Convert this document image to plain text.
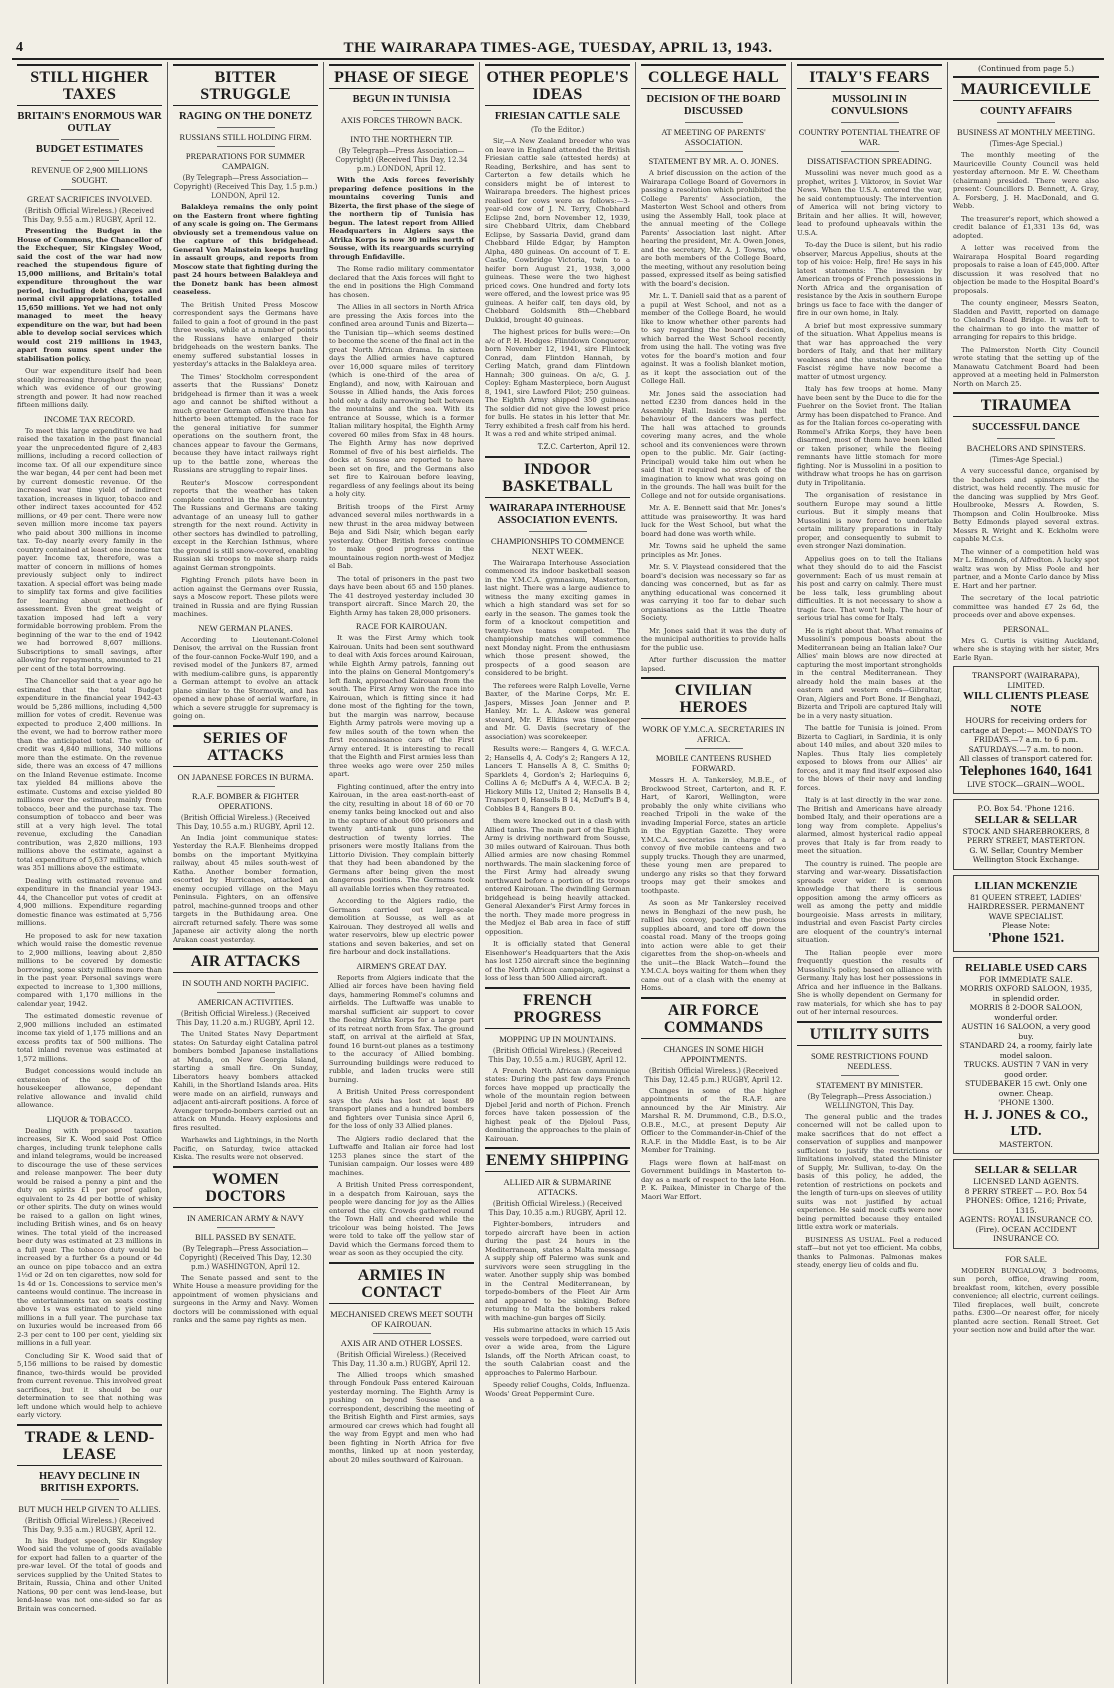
4	THE WAIRARAPA TIMES-AGE, TUESDAY, APRIL 13, 1943.
STILL HIGHER TAXES
BRITAIN'S ENORMOUS WAR OUTLAY
BUDGET ESTIMATES
REVENUE OF 2,900 MILLIONS SOUGHT.
GREAT SACRIFICES INVOLVED.
(British Official Wireless.) (Received This Day, 9.55 a.m.) RUGBY, April 12.
Presenting the Budget in the House of Commons, the Chancellor of the Exchequer, Sir Kingsley Wood, said the cost of the war had now reached the stupendous figure of 15,000 millions, and Britain's total expenditure throughout the war period, including debt charges and normal civil appropriations, totalled 15,650 millions. Yet we had not only managed to meet the heavy expenditure on the war, but had been able to develop social services which would cost 219 millions in 1943, apart from sums spent under the stabilisation policy.
Our war expenditure itself had been steadily increasing throughout the year, which was evidence of our growing strength and power. It had now reached fifteen millions daily.
INCOME TAX RECORD.
To meet this large expenditure we had raised the taxation in the past financial year the unprecedented figure of 2,483 millions, including a record collection of income tax. Of all our expenditure since the war began, 44 per cent had been met by current domestic revenue. Of the increased war time yield of indirect taxation, increases in liquor, tobacco and other indirect taxes accounted for 452 millions, or 49 per cent. There were now seven million more income tax payers who paid about 300 millions in income tax. To-day nearly every family in the country contained at least one income tax payer. Income tax, therefore, was a matter of concern in millions of homes previously subject only to indirect taxation. A special effort was being made to simplify tax forms and give facilities for learning about methods of assessment. Even the great weight of taxation imposed had left a very formidable borrowing problem. From the beginning of the war to the end of 1942 we had borrowed 8,607 millions. Subscriptions to small savings, after allowing for repayments, amounted to 21 per cent of the total borrowing.
The Chancellor said that a year ago he estimated that the total Budget expenditure in the financial year 1942-43 would be 5,286 millions, including 4,500 million for votes of credit. Revenue was expected to produce 2,400 millions. In the event, we had to borrow rather more than the anticipated total. The vote of credit was 4,840 millions, 340 millions more than the estimate. On the revenue side, there was an excess of 47 millions on the Inland Revenue estimate. Income tax yielded 84 millions above the estimate. Customs and excise yielded 80 millions over the estimate, mainly from tobacco, beer and the purchase tax. The consumption of tobacco and beer was still at a very high level. The total revenue, excluding the Canadian contribution, was 2,820 millions, 193 millions above the estimate, against a total expenditure of 5,637 millions, which was 351 millions above the estimate.
Dealing with estimated revenue and expenditure in the financial year 1943-44, the Chancellor put votes of credit at 4,900 millions. Expenditure regarding domestic finance was estimated at 5,756 millions.
He proposed to ask for new taxation which would raise the domestic revenue to 2,900 millions, leaving about 2,850 millions to be covered by domestic borrowing, some sixty millions more than in the past year. Personal savings were expected to increase to 1,300 millions, compared with 1,170 millions in the calendar year, 1942.
The estimated domestic revenue of 2,900 millions included an estimated income tax yield of 1,175 millions and an excess profits tax of 500 millions. The total inland revenue was estimated at 1,572 millions.
Budget concessions would include an extension of the scope of the housekeeper allowance, dependant relative allowance and invalid child allowance.
LIQUOR & TOBACCO.
Dealing with proposed taxation increases, Sir K. Wood said Post Office charges, including trunk telephone calls and inland telegrams, would be increased to discourage the use of these services and release manpower. The beer duty would be raised a penny a pint and the duty on spirits £1 per proof gallon, equivalent to 2s 4d per bottle of whisky or other spirits. The duty on wines would be raised to a gallon on light wines, including British wines, and 6s on heavy wines. The total yield of the increased beer duty was estimated at 23 millions in a full year. The tobacco duty would be increased by a further 6s a pound or 4d an ounce on pipe tobacco and an extra 1½d or 2d on ten cigarettes, now sold for 1s 4d or 1s. Concessions to service men's canteens would continue. The increase in the entertainments tax on seats costing above 1s was estimated to yield nine millions in a full year. The purchase tax on luxuries would be increased from 66 2-3 per cent to 100 per cent, yielding six millions in a full year.
Concluding Sir K. Wood said that of 5,156 millions to be raised by domestic finance, two-thirds would be provided from current revenue. This involved great sacrifices, but it should be our determination to see that nothing was left undone which would help to achieve early victory.
TRADE & LEND-LEASE
HEAVY DECLINE IN BRITISH EXPORTS.
BUT MUCH HELP GIVEN TO ALLIES.
(British Official Wireless.) (Received This Day, 9.35 a.m.) RUGBY, April 12.
In his Budget speech, Sir Kingsley Wood said the volume of goods available for export had fallen to a quarter of the pre-war level. Of the total of goods and services supplied by the United States to Britain, Russia, China and other United Nations, 90 per cent was lend-lease, but lend-lease was not one-sided so far as Britain was concerned.
BITTER STRUGGLE
RAGING ON THE DONETZ
RUSSIANS STILL HOLDING FIRM.
PREPARATIONS FOR SUMMER CAMPAIGN.
(By Telegraph—Press Association—Copyright) (Received This Day, 1.5 p.m.) LONDON, April 12.
Balakleya remains the only point on the Eastern front where fighting of any scale is going on. The Germans obviously set a tremendous value on the capture of this bridgehead. General Von Mainstein keeps hurling in assault groups, and reports from Moscow state that fighting during the past 24 hours between Balakleya and the Donetz bank has been almost ceaseless.
The British United Press Moscow correspondent says the Germans have failed to gain a foot of ground in the past three weeks, while at a number of points the Russians have enlarged their bridgeheads on the western banks. The enemy suffered substantial losses in yesterday's attacks in the Balakleya area.
The Times' Stockholm correspondent asserts that the Russians' Donetz bridgehead is firmer than it was a week ago and cannot be shifted without a much greater German offensive than has hitherto been attempted. In the race for the general initiative for summer operations on the southern front, the chances appear to favour the Germans, because they have intact railways right up to the battle zone, whereas the Russians are struggling to repair lines.
Reuter's Moscow correspondent reports that the weather has taken complete control in the Kuban country. The Russians and Germans are taking advantage of an uneasy lull to gather strength for the next round. Activity in other sectors has dwindled to patrolling, except in the Kerchian Isthmus, where the ground is still snow-covered, enabling Russian ski troops to make sharp raids against German strongpoints.
Fighting French pilots have been in action against the Germans over Russia, says a Moscow report. These pilots were trained in Russia and are flying Russian machines.
NEW GERMAN PLANES.
According to Lieutenant-Colonel Denisov, the arrival on the Russian front of the four-cannon Focke-Wulf 190, and a revised model of the Junkers 87, armed with medium-calibre guns, is apparently a German attempt to evolve an attack plane similar to the Stormovik, and has opened a new phase of aerial warfare, in which a severe struggle for supremacy is going on.
SERIES OF ATTACKS
ON JAPANESE FORCES IN BURMA.
R.A.F. BOMBER & FIGHTER OPERATIONS.
(British Official Wireless.) (Received This Day, 10.55 a.m.) RUGBY, April 12.
An India joint communique states: Yesterday the R.A.F. Blenheims dropped bombs on the important Myitkyina railway, about 45 miles south-west of Katha. Another bomber formation, escorted by Hurricanes, attacked an enemy occupied village on the Mayu Peninsula. Fighters, on an offensive patrol, machine-gunned troops and other targets in the Buthidaung area. One aircraft returned safely. There was some Japanese air activity along the north Arakan coast yesterday.
AIR ATTACKS
IN SOUTH AND NORTH PACIFIC.
AMERICAN ACTIVITIES.
(British Official Wireless.) (Received This Day, 11.20 a.m.) RUGBY, April 12.
The United States Navy Department states: On Saturday eight Catalina patrol bombers bombed Japanese installations at Munda, on New Georgia Island, starting a small fire. On Sunday, Liberators heavy bombers attacked Kahili, in the Shortland Islands area. Hits were made on an airfield, runways and adjacent anti-aircraft positions. A force of Avenger torpedo-bombers carried out an attack on Munda. Heavy explosions and fires resulted.
Warhawks and Lightnings, in the North Pacific, on Saturday, twice attacked Kiska. The results were not observed.
WOMEN DOCTORS
IN AMERICAN ARMY & NAVY
BILL PASSED BY SENATE.
(By Telegraph—Press Association—Copyright) (Received This Day, 12.30 p.m.) WASHINGTON, April 12.
The Senate passed and sent to the White House a measure providing for the appointment of women physicians and surgeons in the Army and Navy. Women doctors will be commissioned with equal ranks and the same pay rights as men.
PHASE OF SIEGE
BEGUN IN TUNISIA
AXIS FORCES THROWN BACK.
INTO THE NORTHERN TIP.
(By Telegraph—Press Association—Copyright) (Received This Day, 12.34 p.m.) LONDON, April 12.
With the Axis forces feverishly preparing defence positions in the mountains covering Tunis and Bizerta, the first phase of the siege of the northern tip of Tunisia has begun. The latest report from Allied Headquarters in Algiers says the Afrika Korps is now 30 miles north of Sousse, with its rearguards scurrying through Enfidaville.
The Rome radio military commentator declared that the Axis forces will fight to the end in positions the High Command has chosen.
The Allies in all sectors in North Africa are pressing the Axis forces into the confined area around Tunis and Bizerta—the Tunisian tip—which seems destined to become the scene of the final act in the great North African drama. In sixteen days the Allied armies have captured over 16,000 square miles of territory (which is one-third of the area of England), and now, with Kairouan and Sousse in Allied hands, the Axis forces hold only a daily narrowing belt between the mountains and the sea. With its entrance at Sousse, which is a former Italian military hospital, the Eighth Army covered 60 miles from Sfax in 48 hours. The Eighth Army has now deprived Rommel of five of his best airfields. The docks at Sousse are reported to have been set on fire, and the Germans also set fire to Kairouan before leaving, regardless of any feelings about its being a holy city.
British troops of the First Army advanced several miles northwards in a new thrust in the area midway between Beja and Sidi Nsir, which began early yesterday. Other British forces continue to make good progress in the mountainous region north-west of Medjez el Bab.
The total of prisoners in the past two days have been about 65 and 150 planes. The 41 destroyed yesterday included 30 transport aircraft. Since March 20, the Eighth Army has taken 28,000 prisoners.
RACE FOR KAIROUAN.
It was the First Army which took Kairouan. Units had been sent southward to deal with Axis forces around Kairouan, while Eighth Army patrols, fanning out into the plains on General Montgomery's left flank, approached Kairouan from the south. The First Army won the race into Kairouan, which is fitting since it had done most of the fighting for the town, but the margin was narrow, because Eighth Army patrols were moving up a few miles south of the town when the first reconnaissance cars of the First Army entered. It is interesting to recall that the Eighth and First armies less than three weeks ago were over 250 miles apart.
Fighting continued, after the entry into Kairouan, in the area east-north-east of the city, resulting in about 18 of 60 or 70 enemy tanks being knocked out and also in the capture of about 600 prisoners and twenty anti-tank guns and the destruction of twenty lorries. The prisoners were mostly Italians from the Littorio Division. They complain bitterly that they had been abandoned by the Germans after being given the most dangerous positions. The Germans took all available lorries when they retreated.
According to the Algiers radio, the Germans carried out large-scale demolition at Sousse, as well as at Kairouan. They destroyed all wells and water reservoirs, blew up electric power stations and seven bakeries, and set on fire harbour and dock installations.
AIRMEN'S GREAT DAY.
Reports from Algiers indicate that the Allied air forces have been having field days, hammering Rommel's columns and airfields. The Luftwaffe was unable to marshal sufficient air support to cover the fleeing Afrika Korps for a large part of its retreat north from Sfax. The ground staff, on arrival at the airfield at Sfax, found 16 burnt-out planes as a testimony to the accuracy of Allied bombing. Surrounding buildings were reduced to rubble, and laden trucks were still burning.
A British United Press correspondent says the Axis has lost at least 89 transport planes and a hundred bombers and fighters over Tunisia since April 6, for the loss of only 33 Allied planes.
The Algiers radio declared that the Luftwaffe and Italian air force had lost 1253 planes since the start of the Tunisian campaign. Our losses were 489 machines.
A British United Press correspondent, in a despatch from Kairouan, says the people were dancing for joy as the Allies entered the city. Crowds gathered round the Town Hall and cheered while the tricolour was being hoisted. The Jews were told to take off the yellow star of David which the Germans forced them to wear as soon as they occupied the city.
ARMIES IN CONTACT
MECHANISED CREWS MEET SOUTH OF KAIROUAN.
AXIS AIR AND OTHER LOSSES.
(British Official Wireless.) (Received This Day, 11.30 a.m.) RUGBY, April 12.
The Allied troops which smashed through Fondouk Pass entered Kairouan yesterday morning. The Eighth Army is pushing on beyond Sousse and a correspondent, describing the meeting of the British Eighth and First armies, says armoured car crews which had fought all the way from Egypt and men who had been fighting in North Africa for five months, linked up at noon yesterday, about 20 miles southward of Kairouan.
OTHER PEOPLE'S IDEAS
FRIESIAN CATTLE SALE
(To the Editor.)
Sir,—A New Zealand breeder who was on leave in England attended the British Friesian cattle sale (attested herds) at Reading, Berkshire, and has sent to Carterton a few details which he considers might be of interest to Wairarapa breeders. The highest prices realised for cows were as follows:—3-year-old cow of J. N. Terry, Chobhard Eclipse 2nd, born November 12, 1939, sire Chebbard Ultrix, dam Chebbard Eclipse, by Sassaria David, grand dam Chebbard Hilde Edgar, by Hampton Alpha, 480 guineas. On account of T. E. Castle, Cowbridge Victoria, twin to a heifer born August 21, 1938, 3,000 guineas. These were the two highest priced cows. One hundred and forty lots were offered, and the lowest price was 95 guineas. A heifer calf, ten days old, by Chebbard Goldsmith 8th—Chebbard Dukkid, brought 40 guineas.
The highest prices for bulls were:—On a/c of P. H. Hodges: Flintdown Conqueror, born November 12, 1941, sire Flintock Conrad, dam Flintdon Hannah, by Cerling Match, grand dam Flintdown Hannah; 300 guineas. On a/c, G. J. Copley: Egham Masterpiece, born August 8, 1941, sire Lawford Pilot; 250 guineas. The Eighth Army shipped 350 guineas. The soldier did not give the lowest price for bulls. He states in his letter that Mr. Terry exhibited a fresh calf from his herd. It was a red and white striped animal.
T.Z.C. Carterton, April 12.
INDOOR BASKETBALL
WAIRARAPA INTERHOUSE ASSOCIATION EVENTS.
CHAMPIONSHIPS TO COMMENCE NEXT WEEK.
The Wairarapa Interhouse Association commenced its indoor basketball season in the Y.M.C.A. gymnasium, Masterton, last night. There was a large audience to witness the many exciting games in which a high standard was set for so early in the season. The games took the form of a knockout competition and twenty-two teams competed. The championship matches will commence next Monday night. From the enthusiasm which those present showed, the prospects of a good season are considered to be bright.
The referees were Ralph Lovelle, Verne Baxter, of the Marine Corps, Mr. E. Jaspers, Misses Joan Jenner and P. Hanley. Mr. L. A. Askew was general steward, Mr. F. Elkins was timekeeper and Mr. G. Davis (secretary of the association) was scorekeeper.
Results were:— Rangers 4, G. W.F.C.A. 2; Hansells 4, A. Cody's 2; Rangers A 12, Lancers T. Hansells A 8, C. Smiths 0; Sparklets 4, Gordon's 2; Harlequins 6, Collins A 6; McDuff's A 4, W.F.C.A. B 2; Hickory Mills 12, United 2; Hansells B 4, Transport 0, Hansells B 14, McDuff's B 4, Cobbles B 4, Rangers B 0.
them were knocked out in a clash with Allied tanks. The main part of the Eighth Army is driving northward from Sousse, 30 miles outward of Kairouan. Thus both Allied armies are now chasing Rommel northwards. The main slackening force of the First Army had already swung northward before a portion of its troops entered Kairouan. The dwindling German bridgehead is being heavily attacked. General Alexander's First Army forces in the north. They made more progress in the Medjez el Bab area in face of stiff opposition.
It is officially stated that General Eisenhower's Headquarters that the Axis has lost 1250 aircraft since the beginning of the North African campaign, against a loss of less than 500 Allied aircraft.
FRENCH PROGRESS
MOPPING UP IN MOUNTAINS.
(British Official Wireless.) (Received This Day, 10.55 a.m.) RUGBY, April 12.
A French North African communique states: During the past few days French forces have mopped up practically the whole of the mountain region between Djebel Jerid and north of Pichon. French forces have taken possession of the highest peak of the Djeloul Pass, dominating the approaches to the plain of Kairouan.
ENEMY SHIPPING
ALLIED AIR & SUBMARINE ATTACKS.
(British Official Wireless.) (Received This Day, 10.35 a.m.) RUGBY, April 12.
Fighter-bombers, intruders and torpedo aircraft have been in action during the past 24 hours in the Mediterranean, states a Malta message. A supply ship off Palermo was sunk and survivors were seen struggling in the water. Another supply ship was bombed in the Central Mediterranean, by torpedo-bombers of the Fleet Air Arm and appeared to be sinking. Before returning to Malta the bombers raked with machine-gun barges off Sicily.
His submarine attacks in which 15 Axis vessels were torpedoed, were carried out over a wide area, from the Ligure Islands, off the North African coast, to the south Calabrian coast and the approaches to Palermo Harbour.
Speedy relief Coughs, Colds, Influenza. Woods' Great Peppermint Cure.
COLLEGE HALL
DECISION OF THE BOARD DISCUSSED
AT MEETING OF PARENTS' ASSOCIATION.
STATEMENT BY MR. A. O. JONES.
A brief discussion on the action of the Wairarapa College Board of Governors in passing a resolution which prohibited the College Parents' Association, the Masterton West School and others from using the Assembly Hall, took place at the annual meeting of the College Parents' Association last night. After hearing the president, Mr. A. Owen Jones, and the secretary, Mr. A. J. Towns, who are both members of the College Board, the meeting, without any resolution being passed, expressed itself as being satisfied with the board's decision.
Mr. L. T. Daniell said that as a parent of a pupil at West School, and not as a member of the College Board, he would like to know whether other parents had to say regarding the board's decision, which barred the West School recently from using the hall. The voting was five votes for the board's motion and four against. It was a foolish blanket motion, as it kept the association out of the College Hall.
Mr. Jones said the association had netted £230 from dances held in the Assembly Hall. Inside the hall the behaviour of the dancers was perfect. The hall was attached to grounds covering many acres, and the whole school and its conveniences were thrown open to the public. Mr. Gair (acting-Principal) would take him out when he said that it required no stretch of the imagination to know what was going on in the grounds. The hall was built for the College and not for outside organisations.
Mr. A. E. Bennett said that Mr. Jones's attitude was praiseworthy. It was hard luck for the West School, but what the board had done was worth while.
Mr. Towns said he upheld the same principles as Mr. Jones.
Mr. S. V. Playstead considered that the board's decision was necessary so far as dancing was concerned, but as far as anything educational was concerned it was carrying it too far to debar such organisations as the Little Theatre Society.
Mr. Jones said that it was the duty of the municipal authorities to provide halls for the public use.
After further discussion the matter lapsed.
CIVILIAN HEROES
WORK OF Y.M.C.A. SECRETARIES IN AFRICA.
MOBILE CANTEENS RUSHED FORWARD.
Messrs H. A. Tankersley, M.B.E., of Brockwood Street, Carterton, and R. F. Hart, of Karori, Wellington, were probably the only white civilians who reached Tripoli in the wake of the invading Imperial Force, states an article in the Egyptian Gazette. They were Y.M.C.A. secretaries in charge of a convoy of five mobile canteens and two supply trucks. Though they are unarmed, these young men are prepared to undergo any risks so that they forward troops may get their smokes and toothpaste.
As soon as Mr Tankersley received news in Benghazi of the new push, he rallied his convoy, packed the precious supplies aboard, and tore off down the coastal road. Many of the troops going into action were able to get their cigarettes from the shop-on-wheels and the unit—the Black Watch—found the Y.M.C.A. boys waiting for them when they came out of a clash with the enemy at Homs.
AIR FORCE COMMANDS
CHANGES IN SOME HIGH APPOINTMENTS.
(British Official Wireless.) (Received This Day, 12.45 p.m.) RUGBY, April 12.
Changes in some of the higher appointments of the R.A.F. are announced by the Air Ministry. Air Marshal R. M. Drummond, C.B., D.S.O., O.B.E., M.C., at present Deputy Air Officer to the Commander-in-Chief of the R.A.F. in the Middle East, is to be Air Member for Training.
Flags were flown at half-mast on Government buildings in Masterton to-day as a mark of respect to the late Hon. P. K. Paikea, Minister in Charge of the Maori War Effort.
ITALY'S FEARS
MUSSOLINI IN CONVULSIONS
COUNTRY POTENTIAL THEATRE OF WAR.
DISSATISFACTION SPREADING.
Mussolini was never much good as a prophet, writes J. Viktorov, in Soviet War News. When the U.S.A. entered the war, he said contemptuously: The intervention of America will not bring victory to Britain and her allies. It will, however, lead to profound upheavals within the U.S.A.
To-day the Duce is silent, but his radio observer, Marcus Appelius, shouts at the top of his voice: Help, fire! He says in his latest statements: The invasion by American troops of French possessions in North Africa and the organisation of resistance by the Axis in southern Europe brings us face to face with the danger of fire in our own home, in Italy.
A brief but most expressive summary of the situation. What Appelius means is that war has approached the very borders of Italy, and that her military weakness and the unstable rear of the Fascist régime have now become a matter of utmost urgency.
Italy has few troops at home. Many have been sent by the Duce to die for the Fuehrer on the Soviet front. The Italian Army has been dispatched to France. And as for the Italian forces co-operating with Rommel's Afrika Korps, they have been disarmed, most of them have been killed or taken prisoner, while the fleeing remnants have little stomach for more fighting. Nor is Mussolini in a position to withdraw what troops he has on garrison duty in Tripolitania.
The organisation of resistance in southern Europe may sound a little curious. But it simply means that Mussolini is now forced to undertake certain military preparations in Italy proper, and consequently to submit to even stronger Nazi domination.
Appelius goes on to tell the Italians what they should do to aid the Fascist government: Each of us must remain at his post and carry on calmly. There must be less talk, less grumbling about difficulties. It is not necessary to show a tragic face. That won't help. The hour of serious trial has come for Italy.
He is right about that. What remains of Mussolini's pompous boasts about the Mediterranean being an Italian lake? Our Allies' main blows are now directed at capturing the most important strongholds in the central Mediterranean. They already hold the main bases at the eastern and western ends—Gibraltar, Oran, Algiers and Port Bone. If Benghazi, Bizerta and Tripoli are captured Italy will be in a very nasty situation.
The battle for Tunisia is joined. From Bizerta to Cagliari, in Sardinia, it is only about 140 miles, and about 320 miles to Naples. Thus Italy lies completely exposed to blows from our Allies' air forces, and it may find itself exposed also to the blows of their navy and landing forces.
Italy is at last directly in the war zone. The British and Americans have already bombed Italy, and their operations are a long way from complete. Appelius's alarmed, almost hysterical radio appeal proves that Italy is far from ready to meet the situation.
The country is ruined. The people are starving and war-weary. Dissatisfaction spreads ever wider. It is common knowledge that there is serious opposition among the army officers as well as among the petty and middle bourgeoisie. Mass arrests in military, industrial and even Fascist Party circles are eloquent of the country's internal situation.
The Italian people ever more frequently question the results of Mussolini's policy, based on alliance with Germany. Italy has lost her possessions in Africa and her influence in the Balkans. She is wholly dependent on Germany for raw materials, for which she has to pay out of her internal resources.
UTILITY SUITS
SOME RESTRICTIONS FOUND NEEDLESS.
STATEMENT BY MINISTER.
(By Telegraph—Press Association.) WELLINGTON, This Day.
The general public and the trades concerned will not be called upon to make sacrifices that do not effect a conservation of supplies and manpower sufficient to justify the restrictions or limitations involved, stated the Minister of Supply, Mr. Sullivan, to-day. On the basis of this policy, he added, the retention of restrictions on pockets and the length of turn-ups on sleeves of utility suits was not justified by actual experience. He said mock cuffs were now being permitted because they entailed little extra work or materials.
BUSINESS AS USUAL. Feel a reduced staff—but not yet too efficient. Ma cobbs, thanks to Palmonas. Palmonas makes steady, energy lieu of colds and flu.
(Continued from page 5.)
MAURICEVILLE
COUNTY AFFAIRS
BUSINESS AT MONTHLY MEETING.
(Times-Age Special.)
The monthly meeting of the Mauriceville County Council was held yesterday afternoon. Mr E. W. Cheetham (chairman) presided. There were also present: Councillors D. Bennett, A. Gray, A. Forsberg, J. H. MacDonald, and G. Webb.
The treasurer's report, which showed a credit balance of £1,331 13s 6d, was adopted.
A letter was received from the Wairarapa Hospital Board regarding proposals to raise a loan of £45,000. After discussion it was resolved that no objection be made to the Hospital Board's proposals.
The county engineer, Messrs Seaton, Sladden and Pavitt, reported on damage to Cleland's Road Bridge. It was left to the chairman to go into the matter of arranging for repairs to this bridge.
The Palmerston North City Council wrote stating that the setting up of the Manawatu Catchment Board had been approved at a meeting held in Palmerston North on March 25.
TIRAUMEA
SUCCESSFUL DANCE
BACHELORS AND SPINSTERS.
(Times-Age Special.)
A very successful dance, organised by the bachelors and spinsters of the district, was held recently. The music for the dancing was supplied by Mrs Geof. Houlbrooke, Messrs A. Rowden, S. Thompson and Colin Houlbrooke. Miss Betty Edmonds played several extras. Messrs R. Wright and K. Eckholm were capable M.C.s.
The winner of a competition held was Mr L. Edmonds, of Alfredton. A lucky spot waltz was won by Miss Poole and her partner, and a Monte Carlo dance by Miss E. Hart and her partner.
The secretary of the local patriotic committee was handed £7 2s 6d, the proceeds over and above expenses.
PERSONAL.
Mrs G. Curtis is visiting Auckland, where she is staying with her sister, Mrs Earle Ryan.
TRANSPORT (WAIRARAPA), LIMITED.
WILL CLIENTS PLEASE NOTE
HOURS for receiving orders for cartage at Depot:— MONDAYS TO FRIDAYS.—7 a.m. to 6 p.m. SATURDAYS.—7 a.m. to noon.
All classes of transport catered for.
Telephones 1640, 1641
LIVE STOCK—GRAIN—WOOL.
P.O. Box 54. 'Phone 1216.
SELLAR & SELLAR
STOCK AND SHAREBROKERS, 8 PERRY STREET, MASTERTON.
G. W. Sellar, Country Member Wellington Stock Exchange.
LILIAN MCKENZIE
81 QUEEN STREET, LADIES' HAIRDRESSER. PERMANENT WAVE SPECIALIST.
Please Note:
'Phone 1521.
RELIABLE USED CARS
FOR IMMEDIATE SALE.
MORRIS OXFORD SALOON, 1935, in splendid order.
MORRIS 8 2-DOOR SALOON, wonderful order.
AUSTIN 16 SALOON, a very good buy.
STANDARD 24, a roomy, fairly late model saloon.
TRUCKS. AUSTIN 7 VAN in very good order.
STUDEBAKER 15 cwt. Only one owner. Cheap.
'PHONE 1300.
H. J. JONES & CO., LTD.
MASTERTON.
SELLAR & SELLAR
LICENSED LAND AGENTS.
8 PERRY STREET — P.O. Box 54 PHONES: Office, 1216; Private, 1315.
AGENTS: ROYAL INSURANCE CO. (Fire). OCEAN ACCIDENT INSURANCE CO.
FOR SALE.
MODERN BUNGALOW, 3 bedrooms, sun porch, office, drawing room, breakfast room, kitchen, every possible convenience; all electric, current ceilings. Tiled fireplaces, well built, concrete paths. £300—Or nearest offer, for nicely planted acre section. Renall Street. Get your section now and build after the war.
